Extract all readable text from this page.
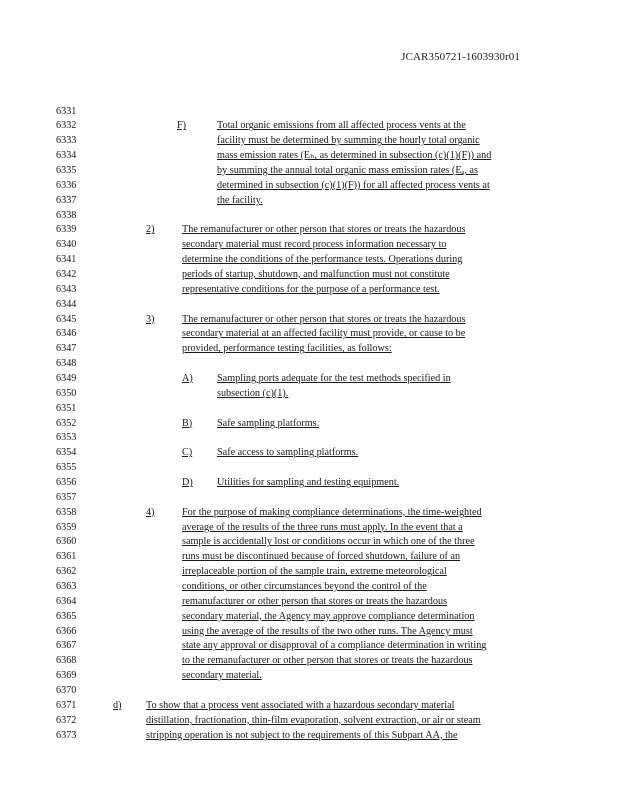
JCAR350721-1603930r01
6331
6332
6333
6334
6335
6336
6337
6338
6339
6340
6341
6342
6343
6344
6345
6346
6347
6348
6349
6350
6351
6352
6353
6354
6355
6356
6357
6358
6359
6360
6361
6362
6363
6364
6365
6366
6367
6368
6369
6370
6371
6372
6373
F)	Total organic emissions from all affected process vents at the
facility must be determined by summing the hourly total organic
mass emission rates (Eₕ, as determined in subsection (c)(1)(F)) and
by summing the annual total organic mass emission rates (Eₐ, as
determined in subsection (c)(1)(F)) for all affected process vents at
the facility.
2)	The remanufacturer or other person that stores or treats the hazardous
secondary material must record process information necessary to
determine the conditions of the performance tests. Operations during
periods of startup, shutdown, and malfunction must not constitute
representative conditions for the purpose of a performance test.
3)	The remanufacturer or other person that stores or treats the hazardous
secondary material at an affected facility must provide, or cause to be
provided, performance testing facilities, as follows:
A) Sampling ports adequate for the test methods specified in
subsection (c)(1).
B) Safe sampling platforms.
C) Safe access to sampling platforms.
D) Utilities for sampling and testing equipment.
4)	For the purpose of making compliance determinations, the time-weighted
average of the results of the three runs must apply. In the event that a
sample is accidentally lost or conditions occur in which one of the three
runs must be discontinued because of forced shutdown, failure of an
irreplaceable portion of the sample train, extreme meteorological
conditions, or other circumstances beyond the control of the
remanufacturer or other person that stores or treats the hazardous
secondary material, the Agency may approve compliance determination
using the average of the results of the two other runs. The Agency must
state any approval or disapproval of a compliance determination in writing
to the remanufacturer or other person that stores or treats the hazardous
secondary material.
d) To show that a process vent associated with a hazardous secondary material
distillation, fractionation, thin-film evaporation, solvent extraction, or air or steam
stripping operation is not subject to the requirements of this Subpart AA, the
